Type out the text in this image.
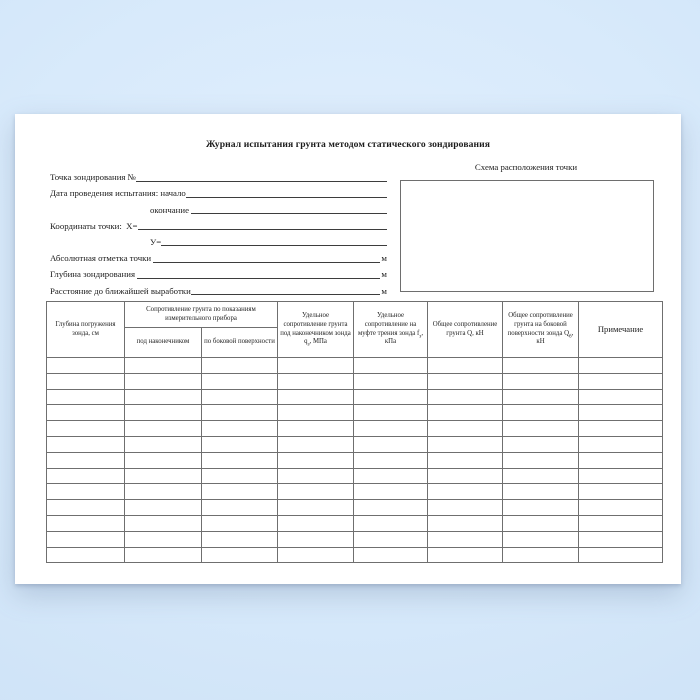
Журнал испытания грунта методом статического зондирования
Точка зондирования №
Дата проведения испытания: начало
окончание
Координаты точки:  X=
У=
Абсолютная отметка точки	м
Глубина зондирования	м
Расстояние до ближайшей выработки	м
Схема расположения точки
Глубина погружения зонда, см	Сопротивление грунта по показаниям измерительного прибора		Удельное сопротивление грунта под наконечником зонда $q_з$, МПа	Удельное сопротивление на муфте трения зонда $f_з$, кПа	Общее сопротивление грунта Q, кН	Общее сопротивление грунта на боковой поверхности зонда $Q_б$, кН	Примечание
	под наконечником	по боковой поверхности					
